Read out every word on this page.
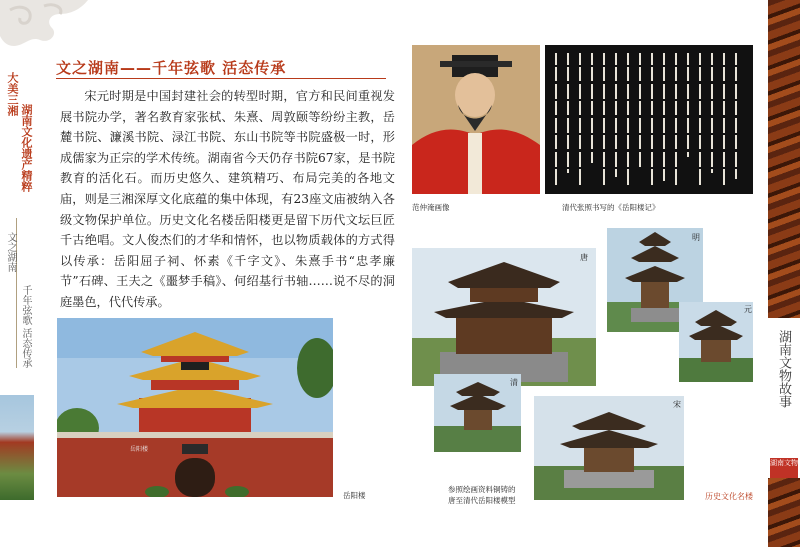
大美三湘
湖南文化遗产精粹
文之湖南
千年弦歌 活态传承
湖南文物故事
湖南文物
文之湖南——千年弦歌 活态传承
宋元时期是中国封建社会的转型时期，官方和民间重视发展书院办学，著名教育家张栻、朱熹、周敦颐等纷纷主教，岳麓书院、濂溪书院、渌江书院、东山书院等书院盛极一时，形成儒家为正宗的学术传统。湖南省今天仍存书院67家，是书院教育的活化石。而历史悠久、建筑精巧、布局完美的各地文庙，则是三湘深厚文化底蕴的集中体现，有23座文庙被纳入各级文物保护单位。历史文化名楼岳阳楼更是留下历代文坛巨匠千古绝唱。文人俊杰们的才华和情怀，也以物质载体的方式得以传承：岳阳屈子祠、怀素《千字文》、朱熹手书“忠孝廉节”石碑、王夫之《噩梦手稿》、何绍基行书轴……说不尽的洞庭墨色，代代传承。
岳阳楼
岳阳楼
范仲淹画像	清代张照书写的《岳阳楼记》
唐
明
元
清
宋
参照绘画资料铜铸的
唐至清代岳阳楼模型	历史文化名楼
